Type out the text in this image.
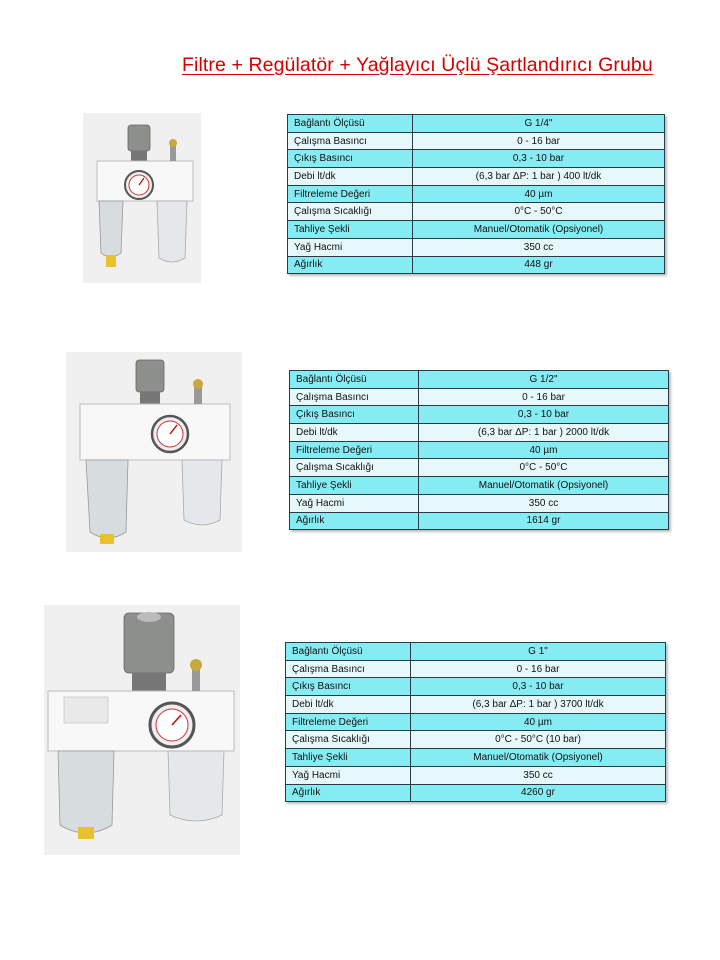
Filtre + Regülatör + Yağlayıcı Üçlü Şartlandırıcı Grubu
Bağlantı Ölçüsü	G 1/4"
Çalışma Basıncı	0 - 16 bar
Çıkış Basıncı	0,3 - 10 bar
Debi lt/dk	(6,3 bar ΔP: 1 bar ) 400 lt/dk
Filtreleme Değeri	40 µm
Çalışma Sıcaklığı	0°C - 50°C
Tahliye Şekli	Manuel/Otomatik (Opsiyonel)
Yağ Hacmi	350 cc
Ağırlık	448 gr
Bağlantı Ölçüsü	G 1/2"
Çalışma Basıncı	0 - 16 bar
Çıkış Basıncı	0,3 - 10 bar
Debi lt/dk	(6,3 bar ΔP: 1 bar ) 2000 lt/dk
Filtreleme Değeri	40 µm
Çalışma Sıcaklığı	0°C - 50°C
Tahliye Şekli	Manuel/Otomatik (Opsiyonel)
Yağ Hacmi	350 cc
Ağırlık	1614 gr
Bağlantı Ölçüsü	G 1"
Çalışma Basıncı	0 - 16 bar
Çıkış Basıncı	0,3 - 10 bar
Debi lt/dk	(6,3 bar ΔP: 1 bar ) 3700 lt/dk
Filtreleme Değeri	40 µm
Çalışma Sıcaklığı	0°C - 50°C (10 bar)
Tahliye Şekli	Manuel/Otomatik (Opsiyonel)
Yağ Hacmi	350 cc
Ağırlık	4260 gr
